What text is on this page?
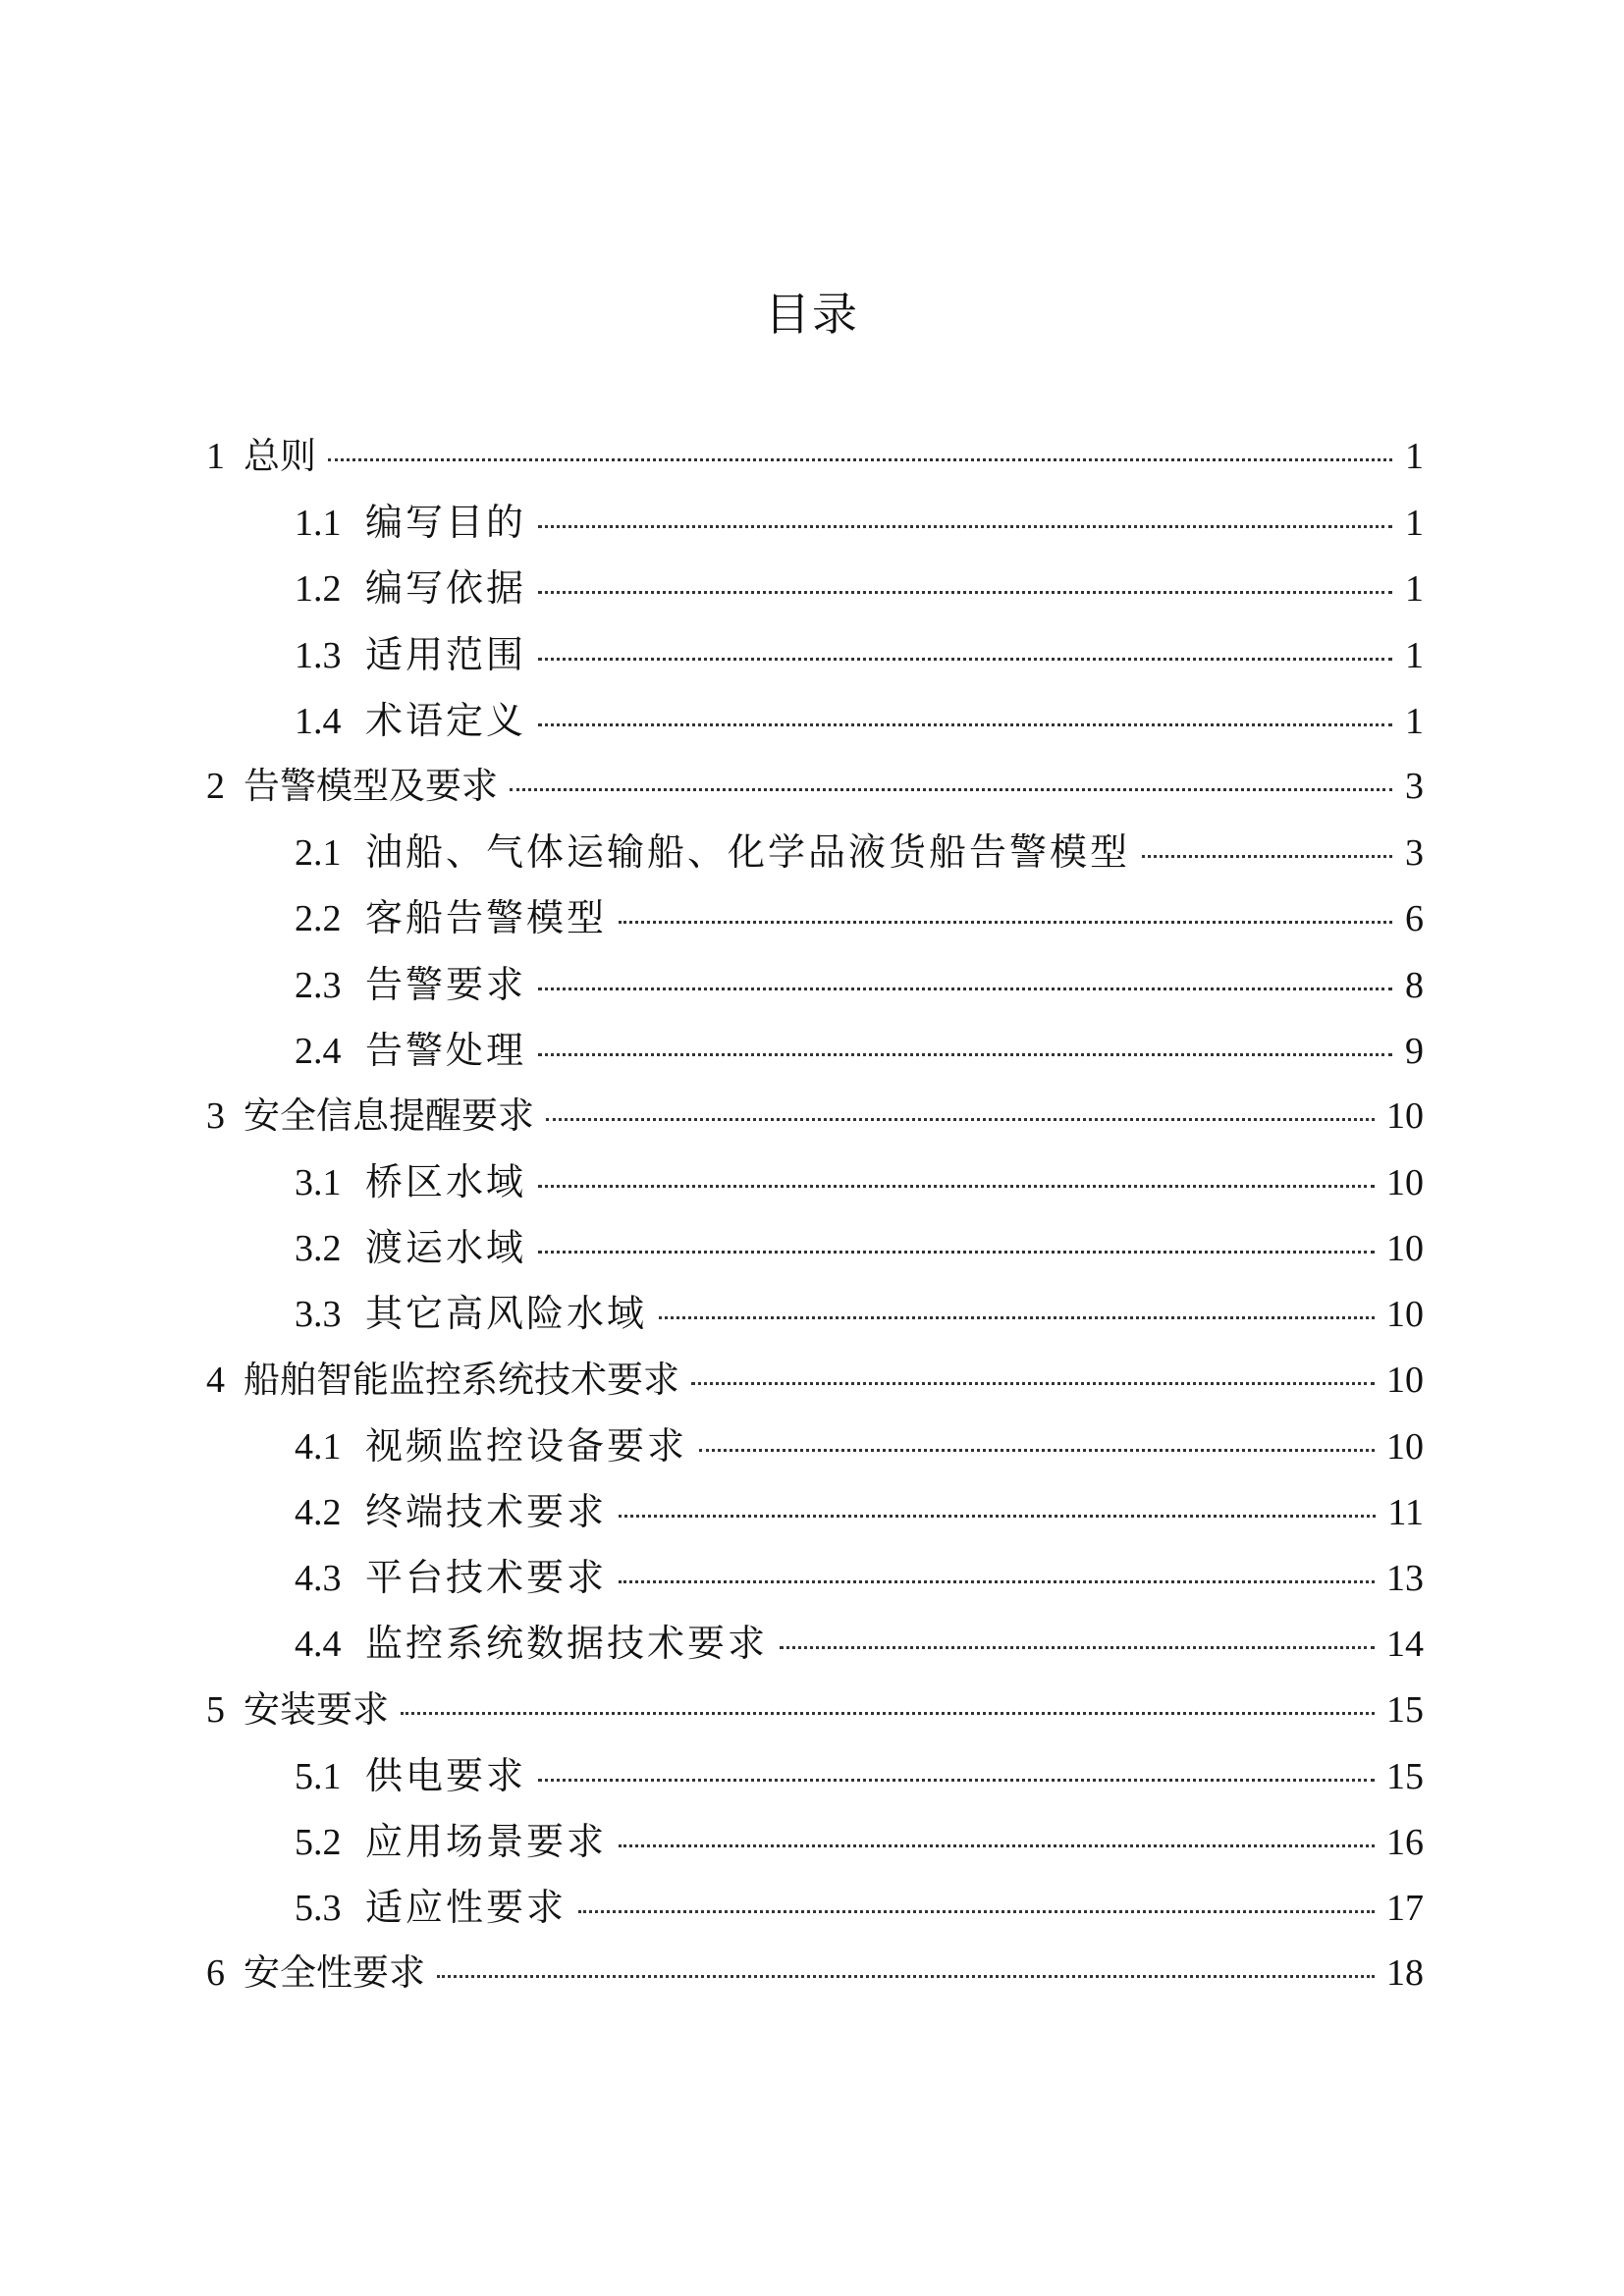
目录
1 总则	1
1.1 编写目的	1
1.2 编写依据	1
1.3 适用范围	1
1.4 术语定义	1
2 告警模型及要求	3
2.1 油船、气体运输船、化学品液货船告警模型	3
2.2 客船告警模型	6
2.3 告警要求	8
2.4 告警处理	9
3 安全信息提醒要求	10
3.1 桥区水域	10
3.2 渡运水域	10
3.3 其它高风险水域	10
4 船舶智能监控系统技术要求	10
4.1 视频监控设备要求	10
4.2 终端技术要求	11
4.3 平台技术要求	13
4.4 监控系统数据技术要求	14
5 安装要求	15
5.1 供电要求	15
5.2 应用场景要求	16
5.3 适应性要求	17
6 安全性要求	18
